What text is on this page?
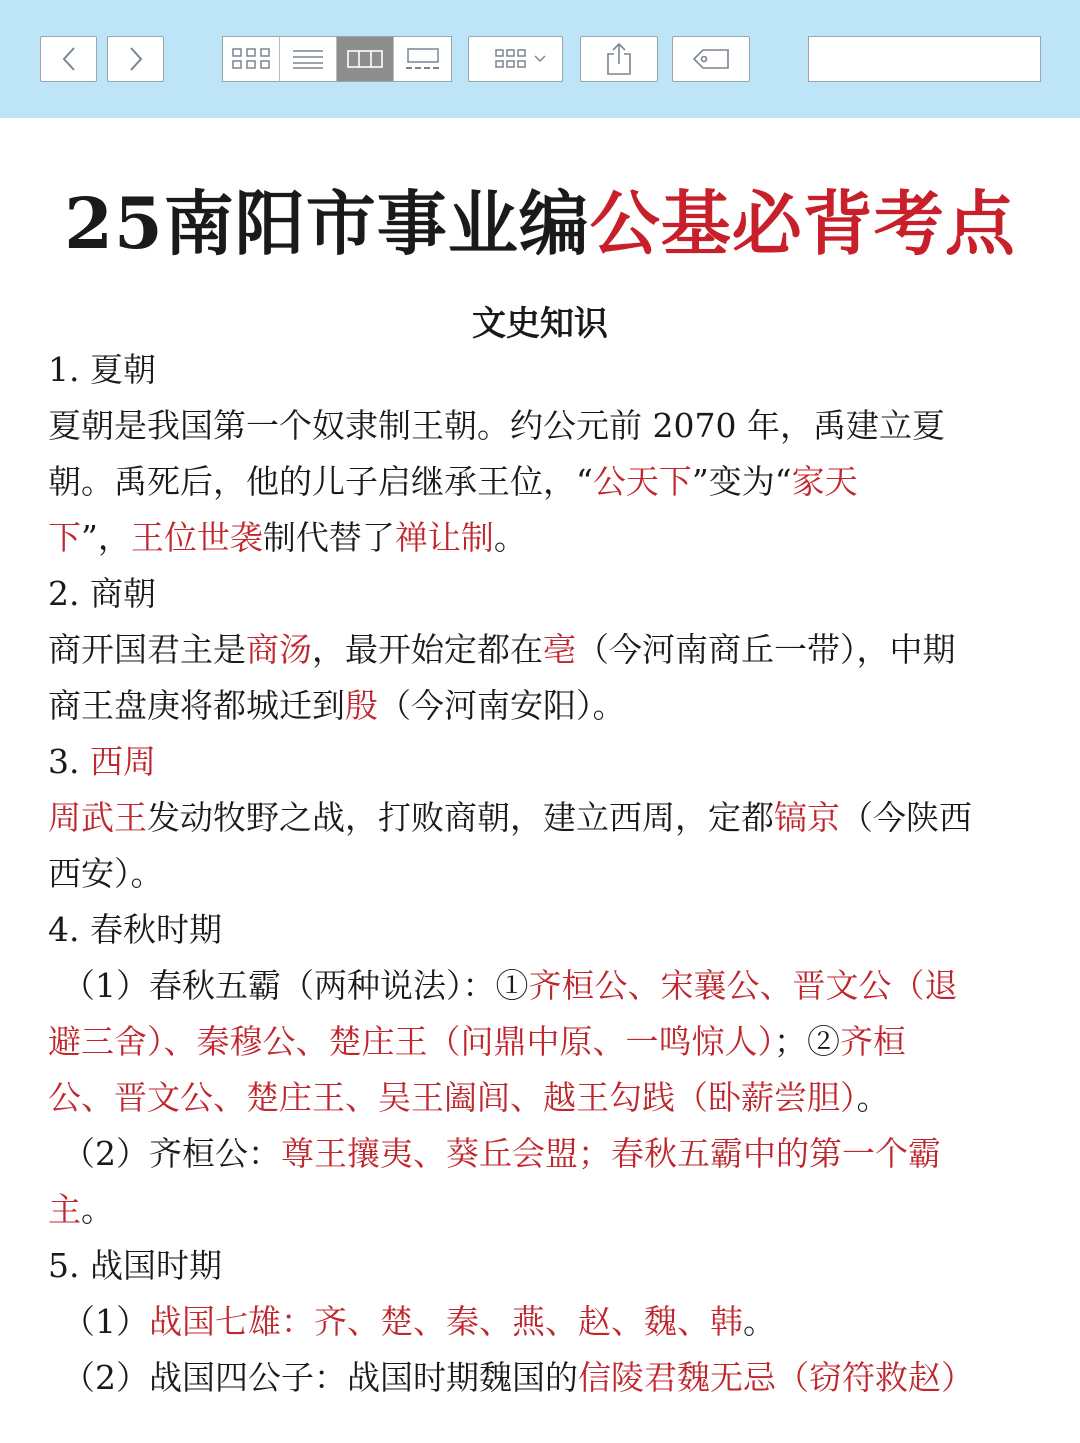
25南阳市事业编公基必背考点
文史知识
1. 夏朝
夏朝是我国第一个奴隶制王朝。约公元前 2070 年，禹建立夏
朝。禹死后，他的儿子启继承王位，“公天下”变为“家天
下”，王位世袭制代替了禅让制。
2. 商朝
商开国君主是商汤，最开始定都在亳（今河南商丘一带），中期
商王盘庚将都城迁到殷（今河南安阳）。
3. 西周
周武王发动牧野之战，打败商朝，建立西周，定都镐京（今陕西
西安）。
4. 春秋时期
（1）春秋五霸（两种说法）：①齐桓公、宋襄公、晋文公（退
避三舍）、秦穆公、楚庄王（问鼎中原、一鸣惊人）；②齐桓
公、晋文公、楚庄王、吴王阖闾、越王勾践（卧薪尝胆）。
（2）齐桓公：尊王攘夷、葵丘会盟；春秋五霸中的第一个霸
主。
5. 战国时期
（1）战国七雄：齐、楚、秦、燕、赵、魏、韩。
（2）战国四公子：战国时期魏国的信陵君魏无忌（窃符救赵）
